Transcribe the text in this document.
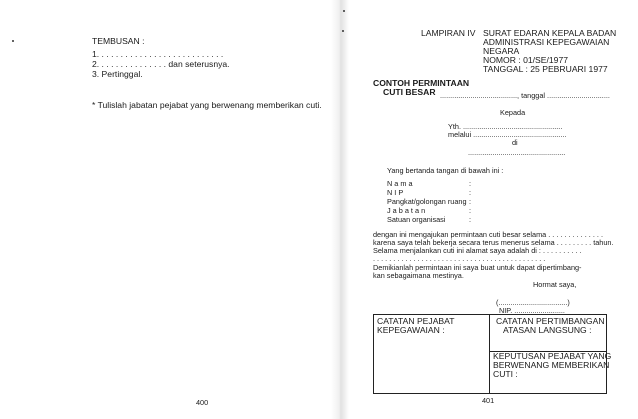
TEMBUSAN :
1. . . . . . . . . . . . . . . . . . . . . . . . . . .
2. . . . . . . . . . . . . . . dan seterusnya.
3. Pertinggal.
* Tulislah jabatan pejabat yang berwenang memberikan cuti.
400
LAMPIRAN IV SURAT EDARAN KEPALA BADAN
ADMINISTRASI KEPEGAWAIAN
NEGARA
NOMOR : 01/SE/1977
TANGGAL : 25 PEBRUARI 1977
CONTOH PERMINTAAN
CUTI BESAR ......................................, tanggal ...............................
Kepada
Yth. .................................................
melalui ..............................................
di
................................................
Yang bertanda tangan di bawah ini :
N a m a	:
N I P	:
Pangkat/golongan ruang :
J a b a t a n	:
Satuan organisasi	:
dengan ini mengajukan permintaan cuti besar selama . . . . . . . . . . . . . .
karena saya telah bekerja secara terus menerus selama . . . . . . . . . tahun.
Selama menjalankan cuti ini alamat saya adalah di : . . . . . . . . . .
. . . . . . . . . . . . . . . . . . . . . . . . . . . . . . . . . . . . . . . . . . .
Demikianlah permintaan ini saya buat untuk dapat dipertimbang-
kan sebagaimana mestinya.
Hormat saya,
(..................................)
NIP. .........................
CATATAN PEJABAT
KEPEGAWAIAN :
CATATAN PERTIMBANGAN
ATASAN LANGSUNG :
KEPUTUSAN PEJABAT YANG
BERWENANG MEMBERIKAN
CUTI :
401
